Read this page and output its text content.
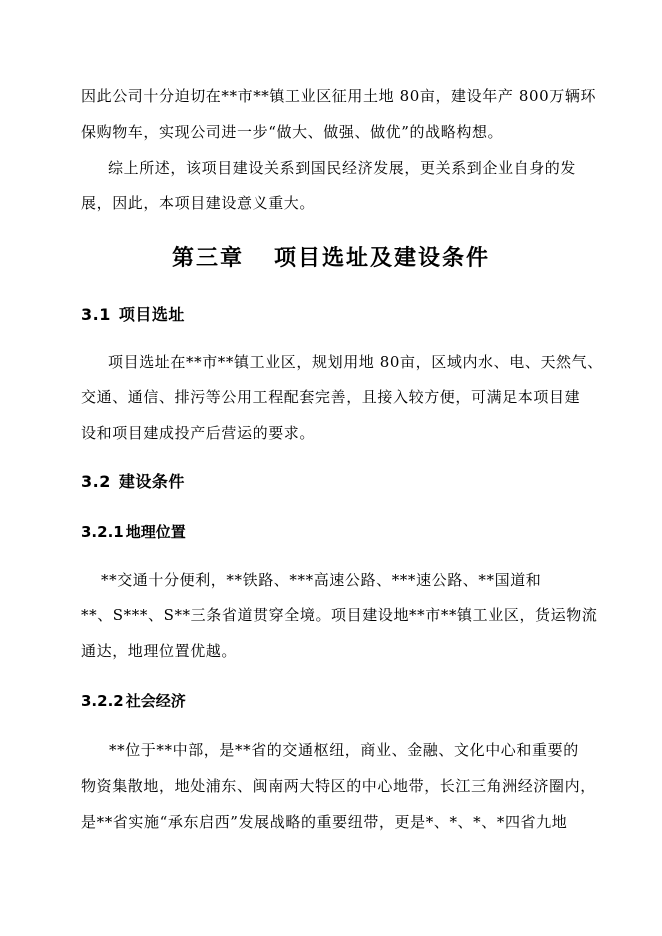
因此公司十分迫切在**市**镇工业区征用土地 80亩，建设年产 800万辆环
保购物车，实现公司进一步“做大、做强、做优”的战略构想。
综上所述，该项目建设关系到国民经济发展，更关系到企业自身的发
展，因此，本项目建设意义重大。
第三章 项目选址及建设条件
3.1 项目选址
项目选址在**市**镇工业区，规划用地 80亩，区域内水、电、天然气、
交通、通信、排污等公用工程配套完善，且接入较方便，可满足本项目建
设和项目建成投产后营运的要求。
3.2 建设条件
3.2.1 地理位置
**交通十分便利，**铁路、***高速公路、***速公路、**国道和
**、S***、S**三条省道贯穿全境。项目建设地**市**镇工业区，货运物流
通达，地理位置优越。
3.2.2 社会经济
**位于**中部，是**省的交通枢纽，商业、金融、文化中心和重要的
物资集散地，地处浦东、闽南两大特区的中心地带，长江三角洲经济圈内，
是**省实施“承东启西”发展战略的重要纽带，更是*、*、*、*四省九地
